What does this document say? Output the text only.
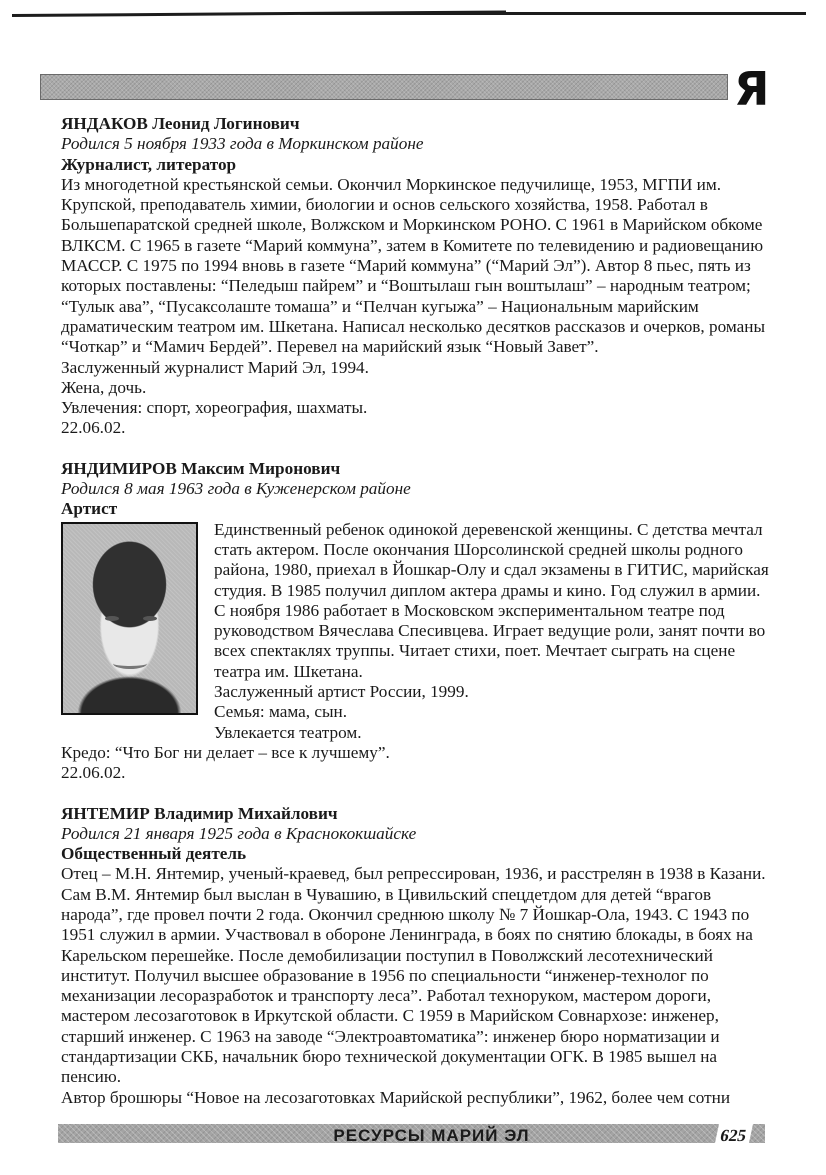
Я
ЯНДАКОВ Леонид Логинович
Родился 5 ноября 1933 года в Моркинском районе
Журналист, литератор

Из многодетной крестьянской семьи. Окончил Моркинское педучилище, 1953, МГПИ им. Крупской, преподаватель химии, биологии и основ сельского хозяйства, 1958. Работал в Большепаратской средней школе, Волжском и Моркинском РОНО. С 1961 в Марийском обкоме ВЛКСМ. С 1965 в газете “Марий коммуна”, затем в Комитете по телевидению и радиовещанию МАССР. С 1975 по 1994 вновь в газете “Марий коммуна” (“Марий Эл”). Автор 8 пьес, пять из которых поставлены: “Пеледыш пайрем” и “Воштылаш гын воштылаш” – народным театром; “Тулык ава”, “Пусаксолаште томаша” и “Пелчан кугыжа” – Национальным марийским драматическим театром им. Шкетана. Написал несколько десятков рассказов и очерков, романы “Чоткар” и “Мамич Бердей”. Перевел на марийский язык “Новый Завет”.

Заслуженный журналист Марий Эл, 1994.

Жена, дочь.

Увлечения: спорт, хореография, шахматы.

22.06.02.

ЯНДИМИРОВ Максим Миронович
Родился 8 мая 1963 года в Куженерском районе
Артист

Единственный ребенок одинокой деревенской женщины. С детства мечтал стать актером. После окончания Шорсолинской средней школы родного района, 1980, приехал в Йошкар-Олу и сдал экзамены в ГИТИС, марийская студия. В 1985 получил диплом актера драмы и кино. Год служил в армии. С ноября 1986 работает в Московском экспериментальном театре под руководством Вячеслава Спесивцева. Играет ведущие роли, занят почти во всех спектаклях труппы. Читает стихи, поет. Мечтает сыграть на сцене театра им. Шкетана.

Заслуженный артист России, 1999.

Семья: мама, сын.

Увлекается театром.

Кредо: “Что Бог ни делает – все к лучшему”.

22.06.02.

ЯНТЕМИР Владимир Михайлович
Родился 21 января 1925 года в Краснококшайске
Общественный деятель

Отец – М.Н. Янтемир, ученый-краевед, был репрессирован, 1936, и расстрелян в 1938 в Казани. Сам В.М. Янтемир был выслан в Чувашию, в Цивильский спецдетдом для детей “врагов народа”, где провел почти 2 года. Окончил среднюю школу № 7 Йошкар-Ола, 1943. С 1943 по 1951 служил в армии. Участвовал в обороне Ленинграда, в боях по снятию блокады, в боях на Карельском перешейке. После демобилизации поступил в Поволжский лесотехнический институт. Получил высшее образование в 1956 по специальности “инженер-технолог по механизации лесоразработок и транспорту леса”. Работал техноруком, мастером дороги, мастером лесозаготовок в Иркутской области. С 1959 в Марийском Совнархозе: инженер, старший инженер. С 1963 на заводе “Электроавтоматика”: инженер бюро норматизации и стандартизации СКБ, начальник бюро технической документации ОГК. В 1985 вышел на пенсию.

Автор брошюры “Новое на лесозаготовках Марийской республики”, 1962, более чем сотни

РЕСУРСЫ МАРИЙ ЭЛ	625
